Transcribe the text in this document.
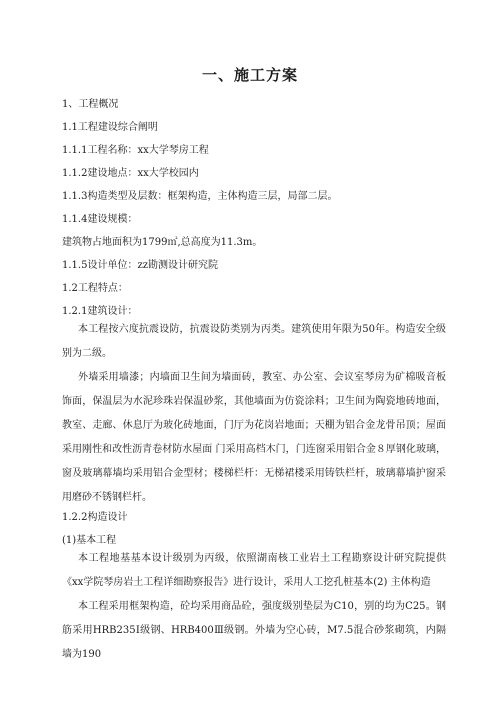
一、施工方案
1、工程概况
1.1工程建设综合阐明
1.1.1工程名称：xx大学琴房工程
1.1.2建设地点：xx大学校园内
1.1.3构造类型及层数：框架构造，主体构造三层，局部二层。
1.1.4建设规模：
建筑物占地面积为1799㎡,总高度为11.3m。
1.1.5设计单位：zz勘测设计研究院
1.2工程特点：
1.2.1建筑设计：
本工程按六度抗震设防，抗震设防类别为丙类。建筑使用年限为50年。构造安全级别为二级。
外墙采用墙漆；内墙面卫生间为墙面砖，教室、办公室、会议室琴房为矿棉吸音板饰面，保温层为水泥珍珠岩保温砂浆，其他墙面为仿瓷涂料；卫生间为陶瓷地砖地面，教室、走廊、休息厅为玻化砖地面，门厅为花岗岩地面；天棚为铝合金龙骨吊顶；屋面采用刚性和改性沥青卷材防水屋面 门采用高档木门，门连窗采用铝合金８厚钢化玻璃，窗及玻璃幕墙均采用铝合金型材；楼梯栏杆：无梯裙楼采用铸铁栏杆，玻璃幕墙护窗采用磨砂不锈钢栏杆。
1.2.2构造设计
(1)基本工程
本工程地基基本设计级别为丙级，依照湖南核工业岩土工程勘察设计研究院提供《xx学院琴房岩土工程详细勘察报告》进行设计，采用人工挖孔桩基本(2) 主体构造
本工程采用框架构造，砼均采用商品砼，强度级别垫层为C10，别的均为C25。钢筋采用HRB235Ⅰ级钢、HRB400Ⅲ级钢。外墙为空心砖，M7.5混合砂浆砌筑，内隔墙为190
